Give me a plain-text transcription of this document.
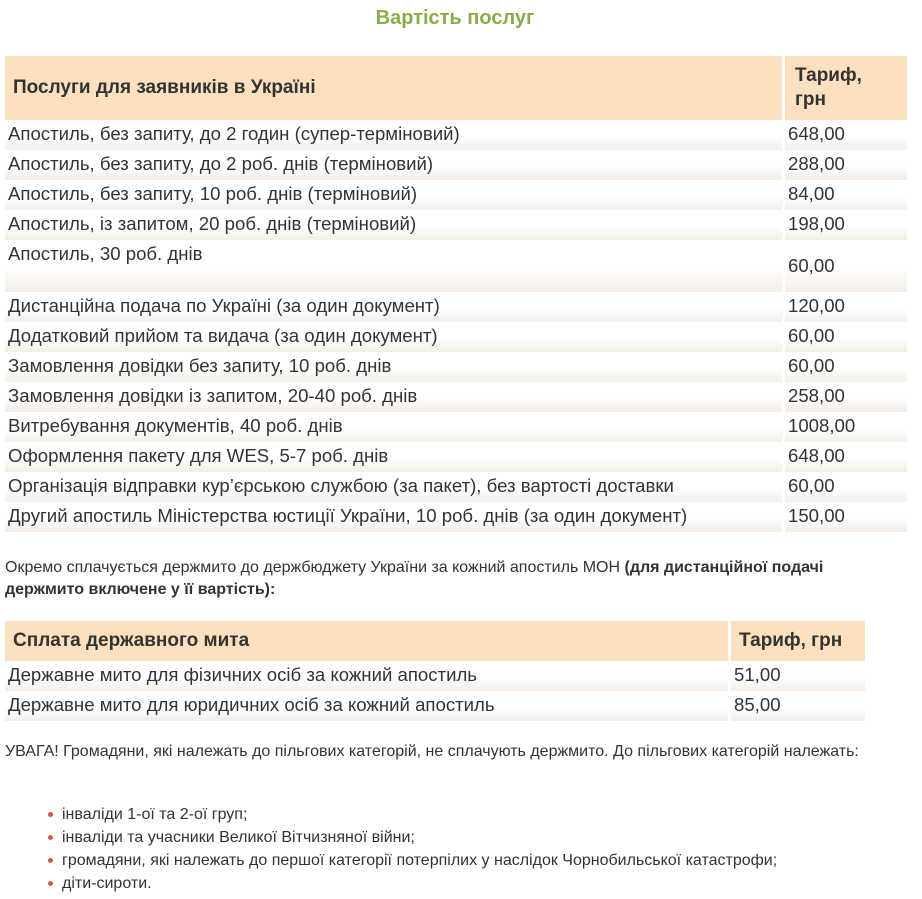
Вартість послуг
Послуги для заявників в Україні	Тариф,
грн

Апостиль, без запиту, до 2 годин (супер-терміновий)	648,00
Апостиль, без запиту, до 2 роб. днів (терміновий)	288,00
Апостиль, без запиту, 10 роб. днів (терміновий)	84,00
Апостиль, із запитом, 20 роб. днів (терміновий)	198,00
Апостиль, 30 роб. днів	60,00
Дистанційна подача по Україні (за один документ)	120,00
Додатковий прийом та видача (за один документ)	60,00
Замовлення довідки без запиту, 10 роб. днів	60,00
Замовлення довідки із запитом, 20-40 роб. днів	258,00
Витребування документів, 40 роб. днів	1008,00
Оформлення пакету для WES, 5-7 роб. днів	648,00
Організація відправки кур’єрською службою (за пакет), без вартості доставки	60,00
Другий апостиль Міністерства юстиції України, 10 роб. днів (за один документ)	150,00
Окремо сплачується держмито до держбюджету України за кожний апостиль МОН (для дистанційної подачі держмито включене у її вартість):
Сплата державного мита	Тариф, грн
Державне мито для фізичних осіб за кожний апостиль	51,00
Державне мито для юридичних осіб за кожний апостиль	85,00
УВАГА! Громадяни, які належать до пільгових категорій, не сплачують держмито. До пільгових категорій належать:
інваліди 1-ої та 2-ої груп;
інваліди та учасники Великої Вітчизняної війни;
громадяни, які належать до першої категорії потерпілих у наслідок Чорнобильської катастрофи;
діти-сироти.
